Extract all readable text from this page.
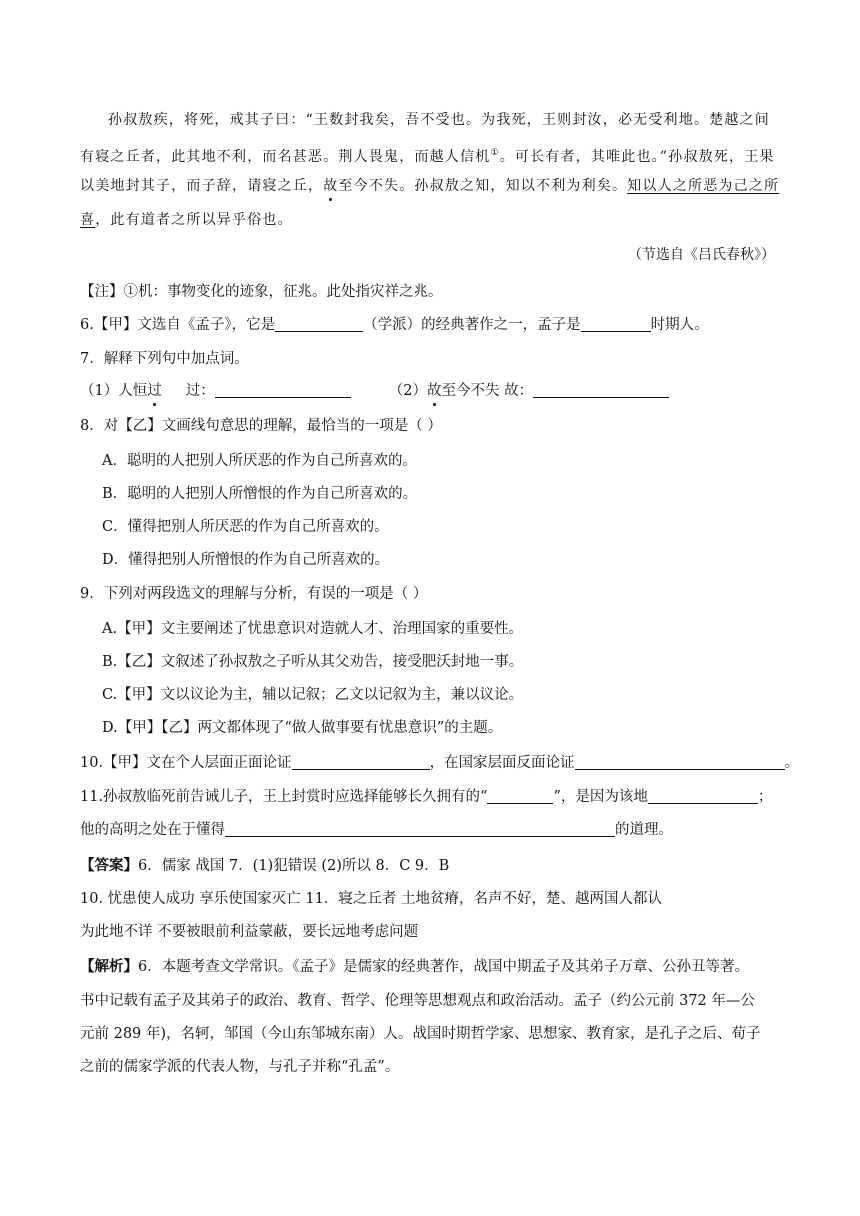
孙叔敖疾，将死，戒其子曰：“王数封我矣，吾不受也。为我死，王则封汝，必无受利地。楚越之间
有寝之丘者，此其地不利，而名甚恶。荆人畏鬼，而越人信机①。可长有者，其唯此也。”孙叔敖死，王果
以美地封其子，而子辞，请寝之丘，故至今不失。孙叔敖之知，知以不利为利矣。知以人之所恶为己之所
喜，此有道者之所以异乎俗也。
（节选自《吕氏春秋》）
【注】①机：事物变化的迹象，征兆。此处指灾祥之兆。
6.【甲】文选自《孟子》，它是	（学派）的经典著作之一，孟子是	时期人。
7．解释下列句中加点词。
（1）人恒过 过：	（2）故至今不失 故：
8．对【乙】文画线句意思的理解，最恰当的一项是（ ）
A．聪明的人把别人所厌恶的作为自己所喜欢的。
B．聪明的人把别人所憎恨的作为自己所喜欢的。
C．懂得把别人所厌恶的作为自己所喜欢的。
D．懂得把别人所憎恨的作为自己所喜欢的。
9．下列对两段选文的理解与分析，有误的一项是（ ）
A.【甲】文主要阐述了忧患意识对造就人才、治理国家的重要性。
B.【乙】文叙述了孙叔敖之子听从其父劝告，接受肥沃封地一事。
C.【甲】文以议论为主，辅以记叙；乙文以记叙为主，兼以议论。
D.【甲】【乙】两文都体现了“做人做事要有忧患意识”的主题。
10.【甲】文在个人层面正面论证	，在国家层面反面论证	。
11.孙叔敖临死前告诫儿子，王上封赏时应选择能够长久拥有的“	”，是因为该地	；
他的高明之处在于懂得	的道理。
【答案】6．儒家 战国 7．(1)犯错误 (2)所以 8．C 9．B
10. 忧患使人成功 享乐使国家灭亡 11．寝之丘者 土地贫瘠，名声不好，楚、越两国人都认
为此地不详 不要被眼前利益蒙蔽，要长远地考虑问题
【解析】6．本题考查文学常识。《孟子》是儒家的经典著作，战国中期孟子及其弟子万章、公孙丑等著。
书中记载有孟子及其弟子的政治、教育、哲学、伦理等思想观点和政治活动。孟子（约公元前 372 年—公
元前 289 年)，名轲，邹国（今山东邹城东南）人。战国时期哲学家、思想家、教育家，是孔子之后、荀子
之前的儒家学派的代表人物，与孔子并称“孔孟”。
